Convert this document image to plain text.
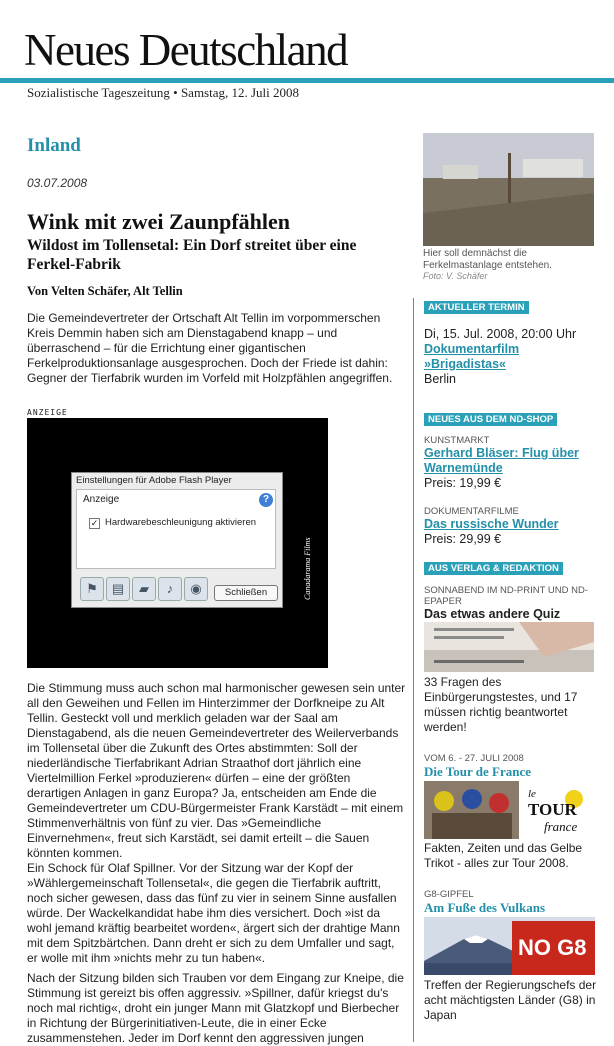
Neues Deutschland
Sozialistische Tageszeitung • Samstag, 12. Juli 2008
Inland
03.07.2008
Wink mit zwei Zaunpfählen
Wildost im Tollensetal: Ein Dorf streitet über eine Ferkel-Fabrik
Von Velten Schäfer, Alt Tellin

Die Gemeindevertreter der Ortschaft Alt Tellin im vorpommerschen Kreis Demmin haben sich am Dienstagabend knapp – und überraschend – für die Errichtung einer gigantischen Ferkelproduktionsanlage ausgesprochen. Doch der Friede ist dahin: Gegner der Tierfabrik wurden im Vorfeld mit Holzpfählen angegriffen.

ANZEIGE
Einstellungen für Adobe Flash Player
Anzeige	?
✓ Hardwarebeschleunigung aktivieren
⚑	▤	▰	♪	◉	Schließen	Canadarama Films

Die Stimmung muss auch schon mal harmonischer gewesen sein unter all den Geweihen und Fellen im Hinterzimmer der Dorfkneipe zu Alt Tellin. Gesteckt voll und merklich geladen war der Saal am Dienstagabend, als die neuen Gemeindevertreter des Weilerverbands im Tollensetal über die Zukunft des Ortes abstimmten: Soll der niederländische Tierfabrikant Adrian Straathof dort jährlich eine Viertelmillion Ferkel »produzieren« dürfen – eine der größten derartigen Anlagen in ganz Europa? Ja, entscheiden am Ende die Gemeindevertreter um CDU-Bürgermeister Frank Karstädt – mit einem Stimmenverhältnis von fünf zu vier. Das »Gemeindliche Einvernehmen«, freut sich Karstädt, sei damit erteilt – die Sauen könnten kommen.

Ein Schock für Olaf Spillner. Vor der Sitzung war der Kopf der »Wählergemeinschaft Tollensetal«, die gegen die Tierfabrik auftritt, noch sicher gewesen, dass das fünf zu vier in seinem Sinne ausfallen würde. Der Wackelkandidat habe ihm dies versichert. Doch »ist da wohl jemand kräftig bearbeitet worden«, ärgert sich der drahtige Mann mit dem Spitzbärtchen. Dann dreht er sich zu dem Umfaller und sagt, er wolle mit ihm »nichts mehr zu tun haben«.

Nach der Sitzung bilden sich Trauben vor dem Eingang zur Kneipe, die Stimmung ist gereizt bis offen aggressiv. »Spillner, dafür kriegst du's noch mal richtig«, droht ein junger Mann mit Glatzkopf und Bierbecher in Richtung der Bürgerinitiativen-Leute, die in einer Ecke zusammenstehen. Jeder im Dorf kennt den aggressiven jungen

Hier soll demnächst die Ferkelmastanlage entstehen.
Foto: V. Schäfer
AKTUELLER TERMIN
Di, 15. Jul. 2008, 20:00 Uhr
Dokumentarfilm »Brigadistas«
Berlin
NEUES AUS DEM ND-SHOP
KUNSTMARKT
Gerhard Bläser: Flug über Warnemünde
Preis: 19,99 €
DOKUMENTARFILME
Das russische Wunder
Preis: 29,99 €
AUS VERLAG & REDAKTION
SONNABEND IM ND-PRINT UND ND-EPAPER
Das etwas andere Quiz
33 Fragen des Einbürgerungstestes, und 17 müssen richtig beantwortet werden!
VOM 6. - 27. JULI 2008
Die Tour de France
le
TOUR
france
Fakten, Zeiten und das Gelbe Trikot - alles zur Tour 2008.
G8-GIPFEL
Am Fuße des Vulkans
NO G8
Treffen der Regierungschefs der acht mächtigsten Länder (G8) in Japan
